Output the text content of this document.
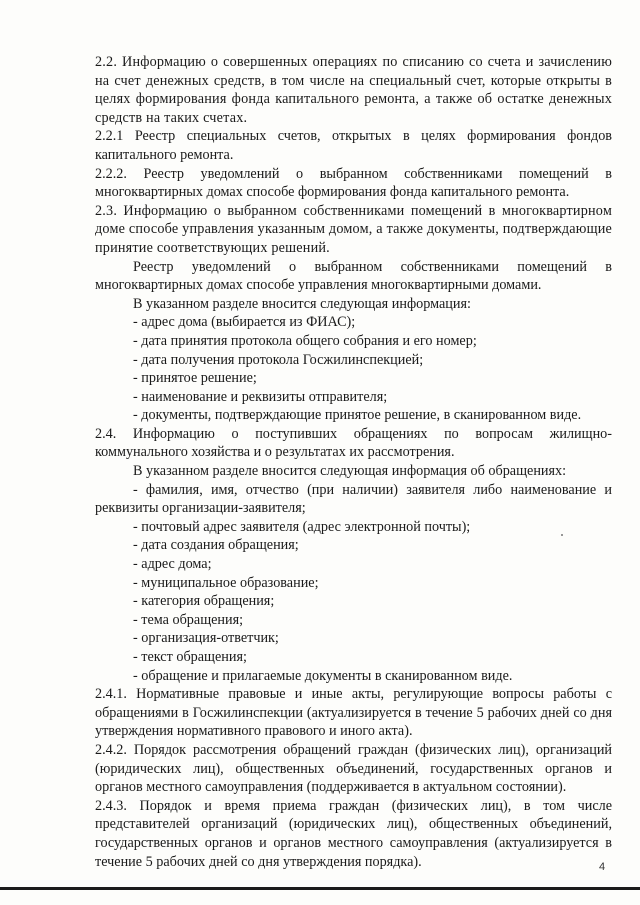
2.2. Информацию о совершенных операциях по списанию со счета и зачислению на счет денежных средств, в том числе на специальный счет, которые открыты в целях формирования фонда капитального ремонта, а также об остатке денежных средств на таких счетах.

2.2.1 Реестр специальных счетов, открытых в целях формирования фондов капитального ремонта.

2.2.2. Реестр уведомлений о выбранном собственниками помещений в многоквартирных домах способе формирования фонда капитального ремонта.

2.3. Информацию о выбранном собственниками помещений в многоквартирном доме способе управления указанным домом, а также документы, подтверждающие принятие соответствующих решений.

Реестр уведомлений о выбранном собственниками помещений в многоквартирных домах способе управления многоквартирными домами.

В указанном разделе вносится следующая информация:

- адрес дома (выбирается из ФИАС);

- дата принятия протокола общего собрания и его номер;

- дата получения протокола Госжилинспекцией;

- принятое решение;

- наименование и реквизиты отправителя;

- документы, подтверждающие принятое решение, в сканированном виде.

2.4. Информацию о поступивших обращениях по вопросам жилищно-коммунального хозяйства и о результатах их рассмотрения.

В указанном разделе вносится следующая информация об обращениях:

- фамилия, имя, отчество (при наличии) заявителя либо наименование и реквизиты организации-заявителя;

- почтовый адрес заявителя (адрес электронной почты);

- дата создания обращения;

- адрес дома;

- муниципальное образование;

- категория обращения;

- тема обращения;

- организация-ответчик;

- текст обращения;

- обращение и прилагаемые документы в сканированном виде.

2.4.1. Нормативные правовые и иные акты, регулирующие вопросы работы с обращениями в Госжилинспекции (актуализируется в течение 5 рабочих дней со дня утверждения нормативного правового и иного акта).

2.4.2. Порядок рассмотрения обращений граждан (физических лиц), организаций (юридических лиц), общественных объединений, государственных органов и органов местного самоуправления (поддерживается в актуальном состоянии).

2.4.3. Порядок и время приема граждан (физических лиц), в том числе представителей организаций (юридических лиц), общественных объединений, государственных органов и органов местного самоуправления (актуализируется в течение 5 рабочих дней со дня утверждения порядка).	4
